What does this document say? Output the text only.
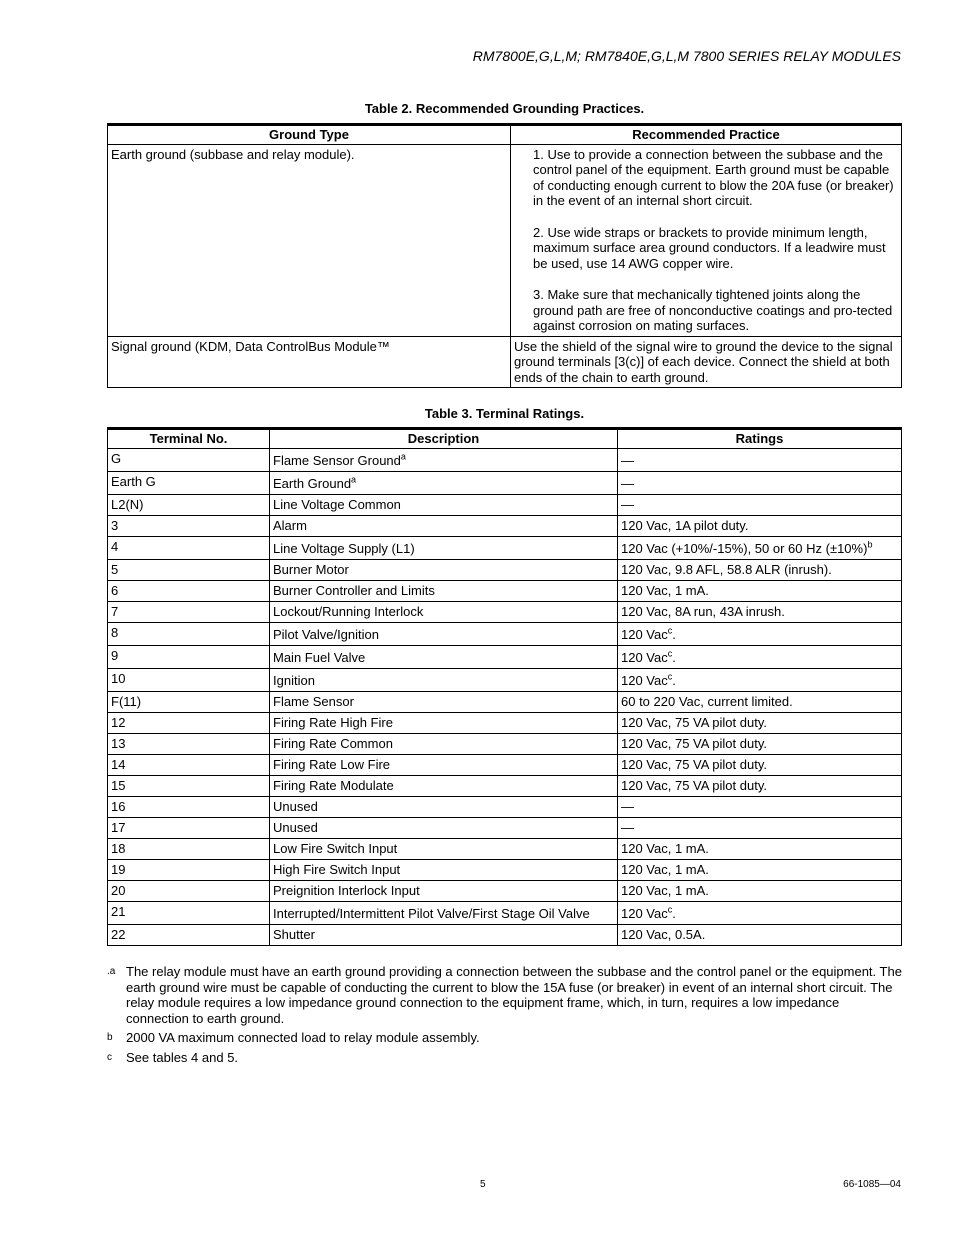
RM7800E,G,L,M; RM7840E,G,L,M 7800 SERIES RELAY MODULES
Table 2. Recommended Grounding Practices.
Ground Type	Recommended Practice
Earth ground (subbase and relay module).	1. Use to provide a connection between the subbase and the control panel of the equipment. Earth ground must be capable of conducting enough current to blow the 20A fuse (or breaker) in the event of an internal short circuit.
2. Use wide straps or brackets to provide minimum length, maximum surface area ground conductors. If a leadwire must be used, use 14 AWG copper wire.
3. Make sure that mechanically tightened joints along the ground path are free of nonconductive coatings and pro-tected against corrosion on mating surfaces.

Signal ground (KDM, Data ControlBus Module™	Use the shield of the signal wire to ground the device to the signal ground terminals [3(c)] of each device. Connect the shield at both ends of the chain to earth ground.
Table 3. Terminal Ratings.
Terminal No.	Description	Ratings
G	Flame Sensor Ground$^a$	—
Earth G	Earth Ground$^a$	—
L2(N)	Line Voltage Common	—
3	Alarm	120 Vac, 1A pilot duty.
4	Line Voltage Supply (L1)	120 Vac (+10%/-15%), 50 or 60 Hz $(\pm 10\%)^b$
5	Burner Motor	120 Vac, 9.8 AFL, 58.8 ALR (inrush).
6	Burner Controller and Limits	120 Vac, 1 mA.
7	Lockout/Running Interlock	120 Vac, 8A run, 43A inrush.
8	Pilot Valve/Ignition	120 Vac$^c$.
9	Main Fuel Valve	120 Vac$^c$.
10	Ignition	120 Vac$^c$.
F(11)	Flame Sensor	60 to 220 Vac, current limited.
12	Firing Rate High Fire	120 Vac, 75 VA pilot duty.
13	Firing Rate Common	120 Vac, 75 VA pilot duty.
14	Firing Rate Low Fire	120 Vac, 75 VA pilot duty.
15	Firing Rate Modulate	120 Vac, 75 VA pilot duty.
16	Unused	—
17	Unused	—
18	Low Fire Switch Input	120 Vac, 1 mA.
19	High Fire Switch Input	120 Vac, 1 mA.
20	Preignition Interlock Input	120 Vac, 1 mA.
21	Interrupted/Intermittent Pilot Valve/First Stage Oil Valve	120 Vac$^c$.
22	Shutter	120 Vac, 0.5A.
.a The relay module must have an earth ground providing a connection between the subbase and the control panel or the equipment. The earth ground wire must be capable of conducting the current to blow the 15A fuse (or breaker) in event of an internal short circuit. The relay module requires a low impedance ground connection to the equipment frame, which, in turn, requires a low impedance connection to earth ground.
b	2000 VA maximum connected load to relay module assembly.
c	See tables 4 and 5.
5	66-1085—04
